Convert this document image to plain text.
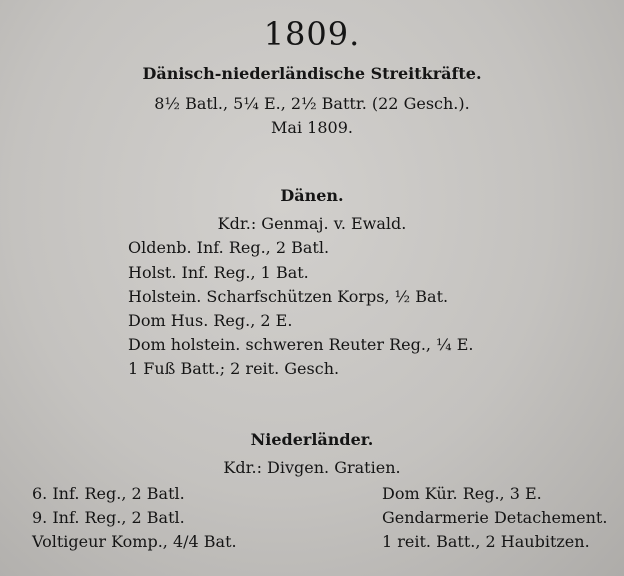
1809.
Dänisch-niederländische Streitkräfte.
8½ Batl., 5¼ E., 2½ Battr. (22 Gesch.).
Mai 1809.
Dänen.
Kdr.: Genmaj. v. Ewald.
Oldenb. Inf. Reg., 2 Batl.
Holst. Inf. Reg., 1 Bat.
Holstein. Scharfschützen Korps, ½ Bat.
Dom Hus. Reg., 2 E.
Dom holstein. schweren Reuter Reg., ¼ E.
1 Fuß Batt.; 2 reit. Gesch.
Niederländer.
Kdr.: Divgen. Gratien.
6. Inf. Reg., 2 Batl.
9. Inf. Reg., 2 Batl.
Voltigeur Komp., 4/4 Bat.
Dom Kür. Reg., 3 E.
Gendarmerie Detachement.
1 reit. Batt., 2 Haubitzen.
